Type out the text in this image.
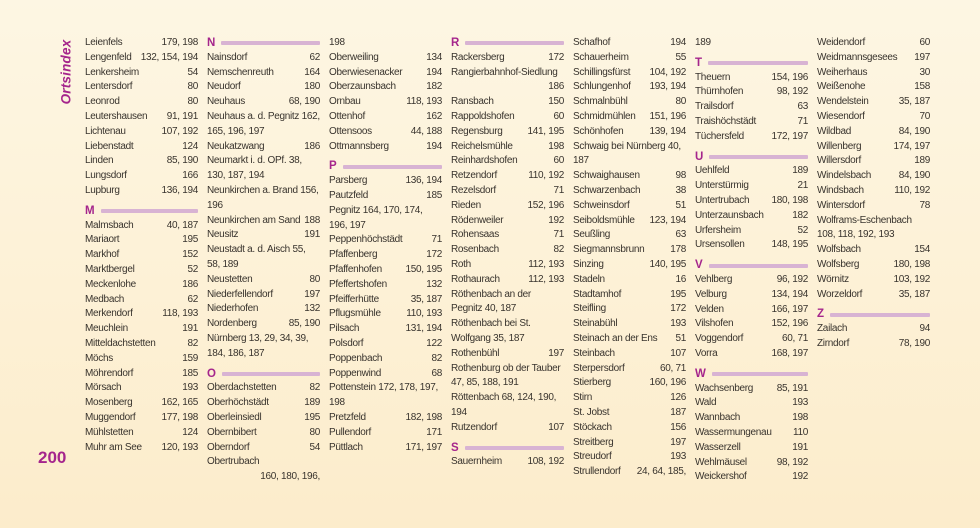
Ortsindex
200
Leienfels	179, 198
Lengenfeld 132, 154, 194
Lenkersheim	54
Lentersdorf	80
Leonrod	80
Leutershausen	91, 191
Lichtenau	107, 192
Liebenstadt	124
Linden	85, 190
Lungsdorf	166
Lupburg	136, 194
M
Malmsbach	40, 187
Mariaort	195
Markhof	152
Marktbergel	52
Meckenlohe	186
Medbach	62
Merkendorf	118, 193
Meuchlein	191
Mitteldachstetten	82
Möchs	159
Möhrendorf	185
Mörsach	193
Mosenberg	162, 165
Muggendorf	177, 198
Mühlstetten	124
Muhr am See	120, 193
N
Nainsdorf	62
Nemschenreuth	164
Neudorf	180
Neuhaus	68, 190
Neuhaus a. d. Pegnitz 162, 165, 196, 197
Neukatzwang	186
Neumarkt i. d. OPf. 38, 130, 187, 194
Neunkirchen a. Brand 156, 196
Neunkirchen am Sand 188
Neusitz	191
Neustadt a. d. Aisch 55, 58, 189
Neustetten	80
Niederfellendorf	197
Niederhofen	132
Nordenberg	85, 190
Nürnberg 13, 29, 34, 39, 184, 186, 187
O
Oberdachstetten	82
Oberhöchstädt	189
Oberleinsiedl	195
Obernbibert	80
Oberndorf	54
Obertrubach
160, 180, 196,
198
Oberweiling	134
Oberwiesenacker	194
Oberzaunsbach	182
Ornbau	118, 193
Ottenhof	162
Ottensoos	44, 188
Ottmannsberg	194
P
Parsberg	136, 194
Pautzfeld	185
Pegnitz 164, 170, 174, 196, 197
Peppenhöchstädt	71
Pfaffenberg	172
Pfaffenhofen	150, 195
Pfeffertshofen	132
Pfeifferhütte	35, 187
Pflugsmühle	110, 193
Pilsach	131, 194
Polsdorf	122
Poppenbach	82
Poppenwind	68
Pottenstein 172, 178, 197, 198
Pretzfeld	182, 198
Pullendorf	171
Püttlach	171, 197
R
Rackersberg	172
Rangierbahnhof-Siedlung
186
Ransbach	150
Rappoldshofen	60
Regensburg	141, 195
Reichelsmühle	198
Reinhardshofen	60
Retzendorf	110, 192
Rezelsdorf	71
Rieden	152, 196
Rödenweiler	192
Rohensaas	71
Rosenbach	82
Roth	112, 193
Rothaurach	112, 193
Röthenbach an der Pegnitz 40, 187
Röthenbach bei St. Wolfgang 35, 187
Rothenbühl	197
Rothenburg ob der Tauber 47, 85, 188, 191
Röttenbach 68, 124, 190, 194
Rutzendorf	107
S
Sauernheim	108, 192
Schafhof	194
Schauerheim	55
Schillingsfürst	104, 192
Schlungenhof	193, 194
Schmalnbühl	80
Schmidmühlen	151, 196
Schönhofen	139, 194
Schwaig bei Nürnberg 40, 187
Schwaighausen	98
Schwarzenbach	38
Schweinsdorf	51
Seiboldsmühle	123, 194
Seußling	63
Siegmannsbrunn	178
Sinzing	140, 195
Stadeln	16
Stadtamhof	195
Steifling	172
Steinabühl	193
Steinach an der Ens	51
Steinbach	107
Sterpersdorf	60, 71
Stierberg	160, 196
Stirn	126
St. Jobst	187
Stöckach	156
Streitberg	197
Streudorf	193
Strullendorf	24, 64, 185,
189
T
Theuern	154, 196
Thürnhofen	98, 192
Trailsdorf	63
Traishöchstädt	71
Tüchersfeld	172, 197
U
Uehlfeld	189
Unterstürmig	21
Untertrubach	180, 198
Unterzaunsbach	182
Urfersheim	52
Ursensollen	148, 195
V
Vehlberg	96, 192
Velburg	134, 194
Velden	166, 197
Vilshofen	152, 196
Voggendorf	60, 71
Vorra	168, 197
W
Wachsenberg	85, 191
Wald	193
Wannbach	198
Wassermungenau	110
Wasserzell	191
Wehlmäusel	98, 192
Weickershof	192
Weidendorf	60
Weidmannsgesees	197
Weiherhaus	30
Weißenohe	158
Wendelstein	35, 187
Wiesendorf	70
Wildbad	84, 190
Willenberg	174, 197
Willersdorf	189
Windelsbach	84, 190
Windsbach	110, 192
Wintersdorf	78
Wolframs-Eschenbach 108, 118, 192, 193
Wolfsbach	154
Wolfsberg	180, 198
Wörnitz	103, 192
Worzeldorf	35, 187
Z
Zailach	94
Zirndorf	78, 190
